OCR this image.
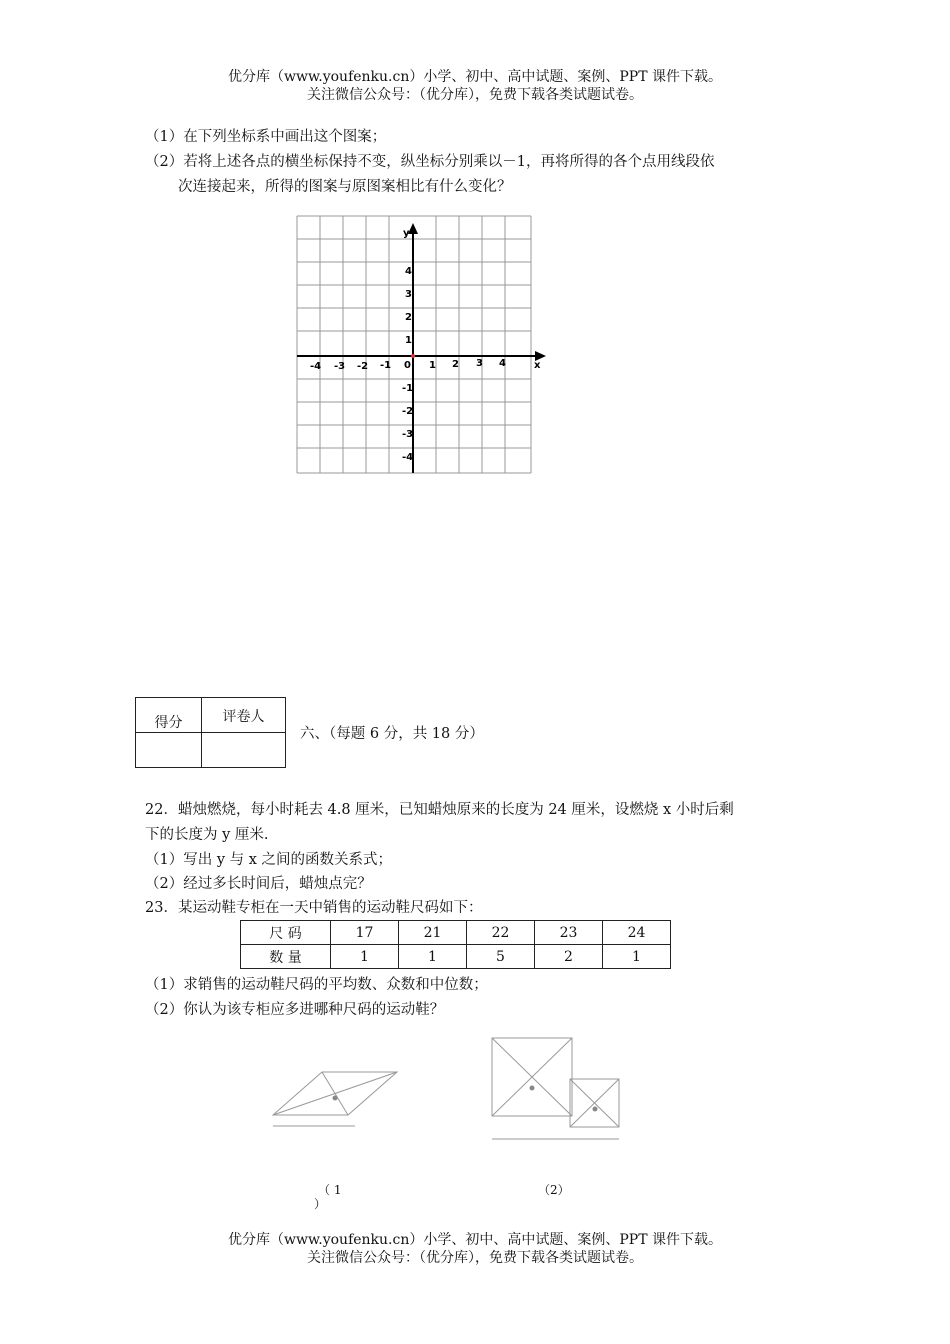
优分库（www.youfenku.cn）小学、初中、高中试题、案例、PPT 课件下载。
关注微信公众号：（优分库），免费下载各类试题试卷。
（1）在下列坐标系中画出这个图案；
（2）若将上述各点的横坐标保持不变，纵坐标分别乘以－1，再将所得的各个点用线段依
次连接起来，所得的图案与原图案相比有什么变化？
y
x
0
-4 -3 -2 -1	1 2 3 4
4
3
2
1
-1
-2
-3
-4
得分	评卷人

六、（每题 6 分，共 18 分）
22．蜡烛燃烧，每小时耗去 4.8 厘米，已知蜡烛原来的长度为 24 厘米，设燃烧 x 小时后剩
下的长度为 y 厘米.
（1）写出 y 与 x 之间的函数关系式；
（2）经过多长时间后，蜡烛点完？
23．某运动鞋专柜在一天中销售的运动鞋尺码如下：
尺 码	17	21	22	23	24
数 量	1	1	5	2	1
（1）求销售的运动鞋尺码的平均数、众数和中位数；
（2）你认为该专柜应多进哪种尺码的运动鞋？
（ 1
）
（2）
优分库（www.youfenku.cn）小学、初中、高中试题、案例、PPT 课件下载。
关注微信公众号：（优分库），免费下载各类试题试卷。
